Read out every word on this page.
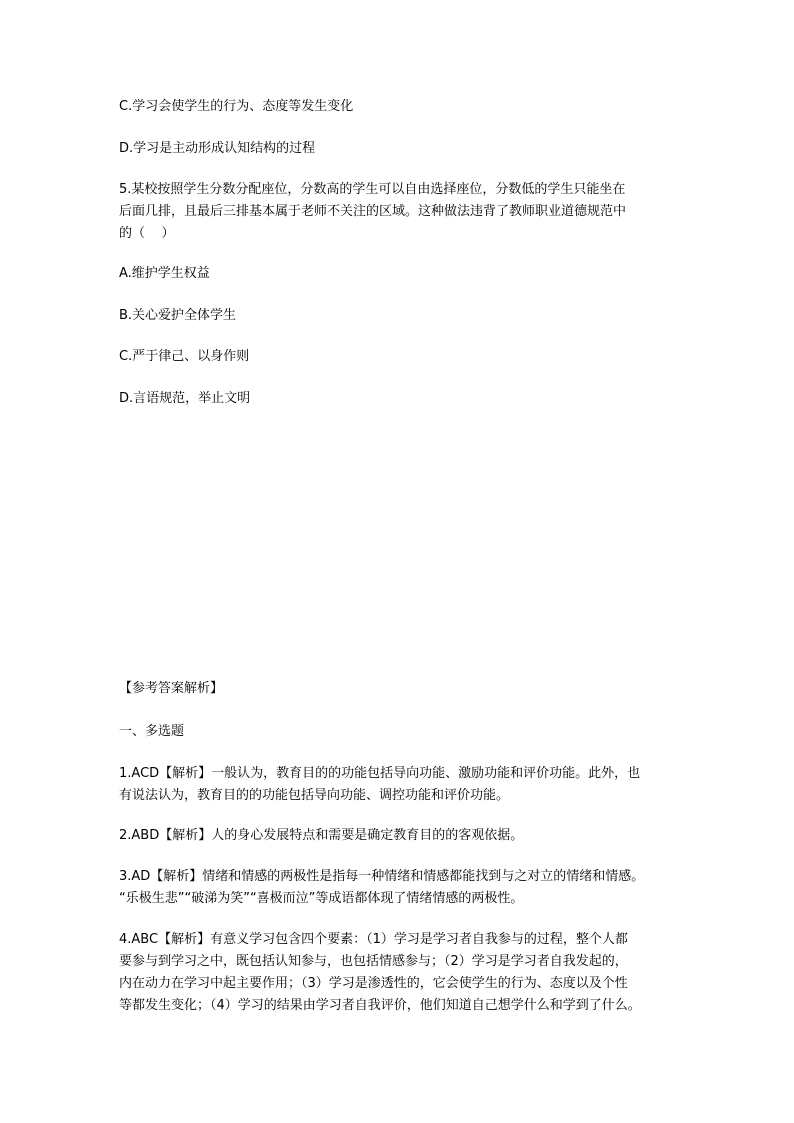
C.学习会使学生的行为、态度等发生变化
D.学习是主动形成认知结构的过程
5.某校按照学生分数分配座位，分数高的学生可以自由选择座位，分数低的学生只能坐在
后面几排，且最后三排基本属于老师不关注的区域。这种做法违背了教师职业道德规范中
的（    ）
A.维护学生权益
B.关心爱护全体学生
C.严于律己、以身作则
D.言语规范，举止文明
【参考答案解析】
一、多选题
1.ACD【解析】一般认为，教育目的的功能包括导向功能、激励功能和评价功能。此外，也
有说法认为，教育目的的功能包括导向功能、调控功能和评价功能。
2.ABD【解析】人的身心发展特点和需要是确定教育目的的客观依据。
3.AD【解析】情绪和情感的两极性是指每一种情绪和情感都能找到与之对立的情绪和情感。
“乐极生悲”“破涕为笑”“喜极而泣”等成语都体现了情绪情感的两极性。
4.ABC【解析】有意义学习包含四个要素：（1）学习是学习者自我参与的过程，整个人都
要参与到学习之中，既包括认知参与，也包括情感参与；（2）学习是学习者自我发起的，
内在动力在学习中起主要作用；（3）学习是渗透性的，它会使学生的行为、态度以及个性
等都发生变化；（4）学习的结果由学习者自我评价，他们知道自己想学什么和学到了什么。
